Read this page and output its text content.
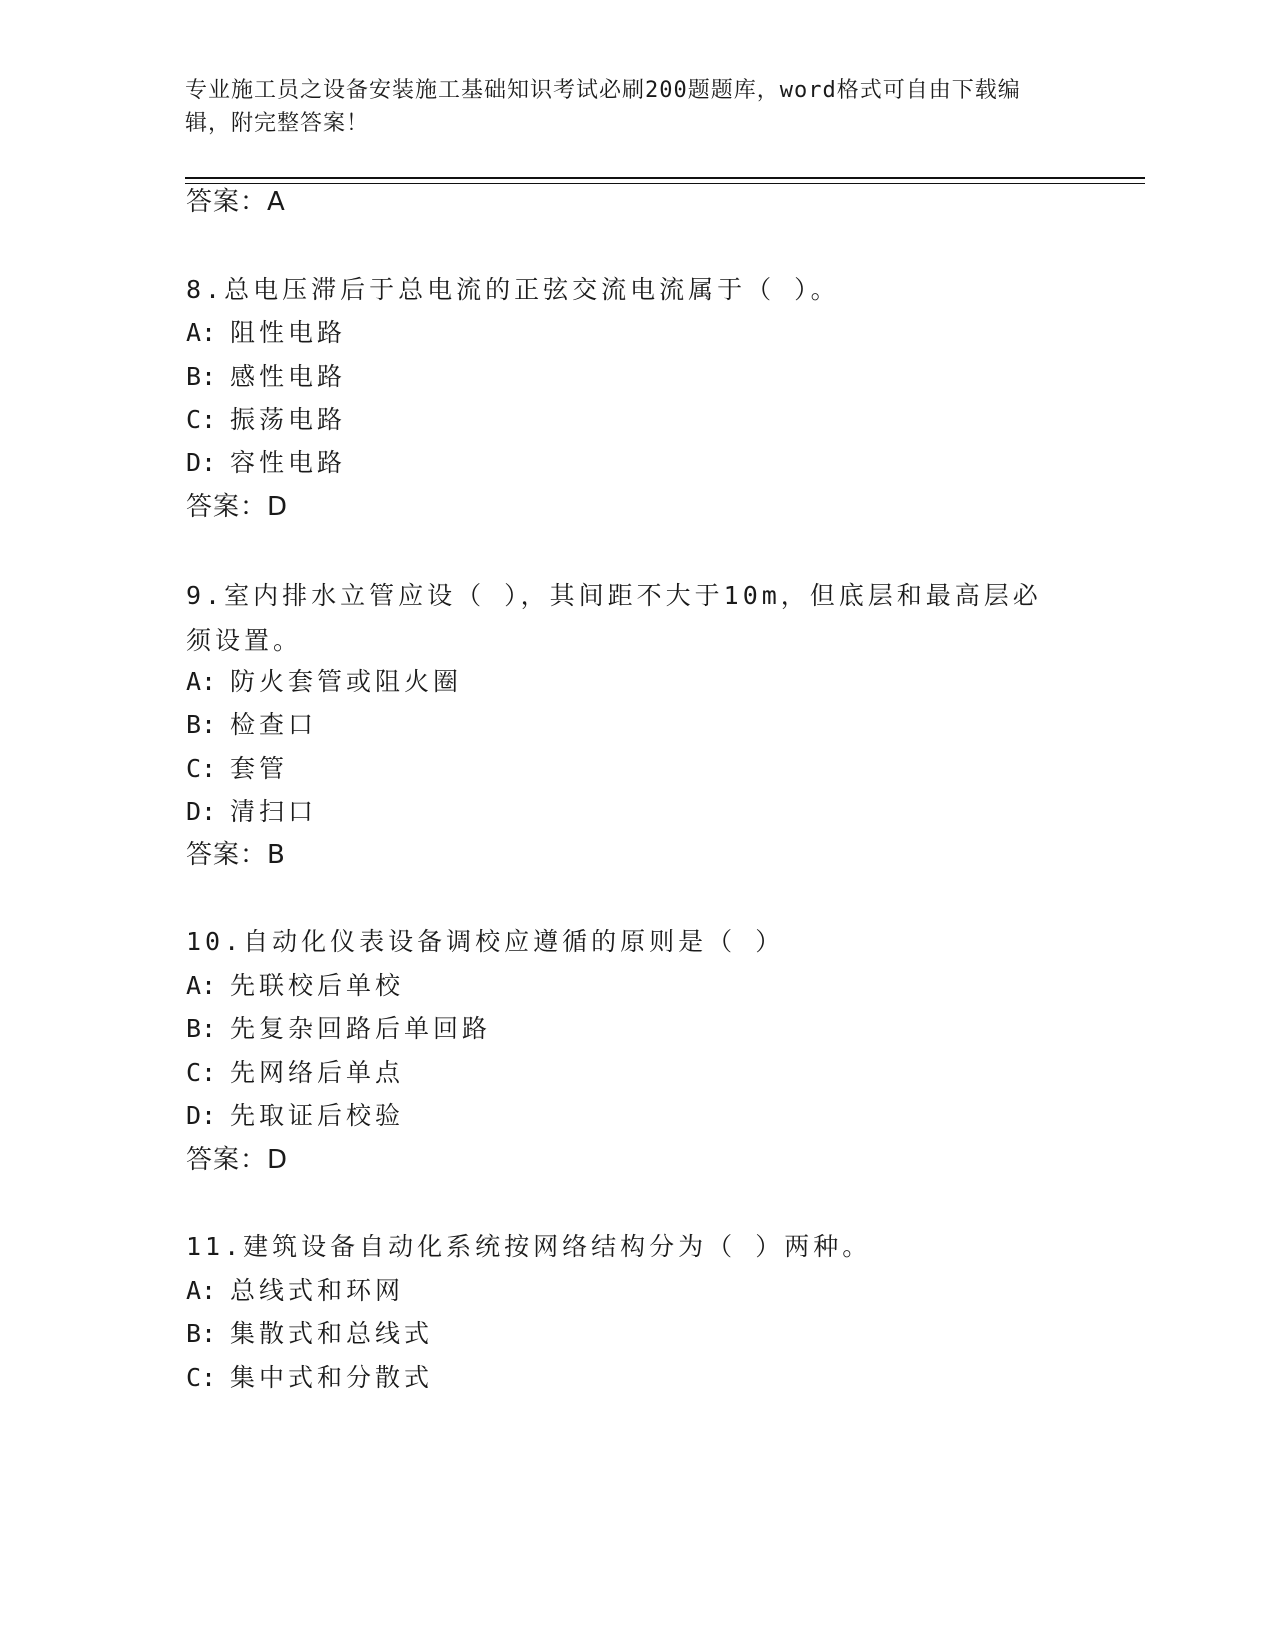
专业施工员之设备安装施工基础知识考试必刷200题题库，word格式可自由下载编辑，附完整答案！
答案：A
8.总电压滞后于总电流的正弦交流电流属于（ ）。
A: 阻性电路
B: 感性电路
C: 振荡电路
D: 容性电路
答案：D
9.室内排水立管应设（ ），其间距不大于10m，但底层和最高层必须设置。
A: 防火套管或阻火圈
B: 检查口
C: 套管
D: 清扫口
答案：B
10.自动化仪表设备调校应遵循的原则是（ ）
A: 先联校后单校
B: 先复杂回路后单回路
C: 先网络后单点
D: 先取证后校验
答案：D
11.建筑设备自动化系统按网络结构分为（ ）两种。
A: 总线式和环网
B: 集散式和总线式
C: 集中式和分散式
